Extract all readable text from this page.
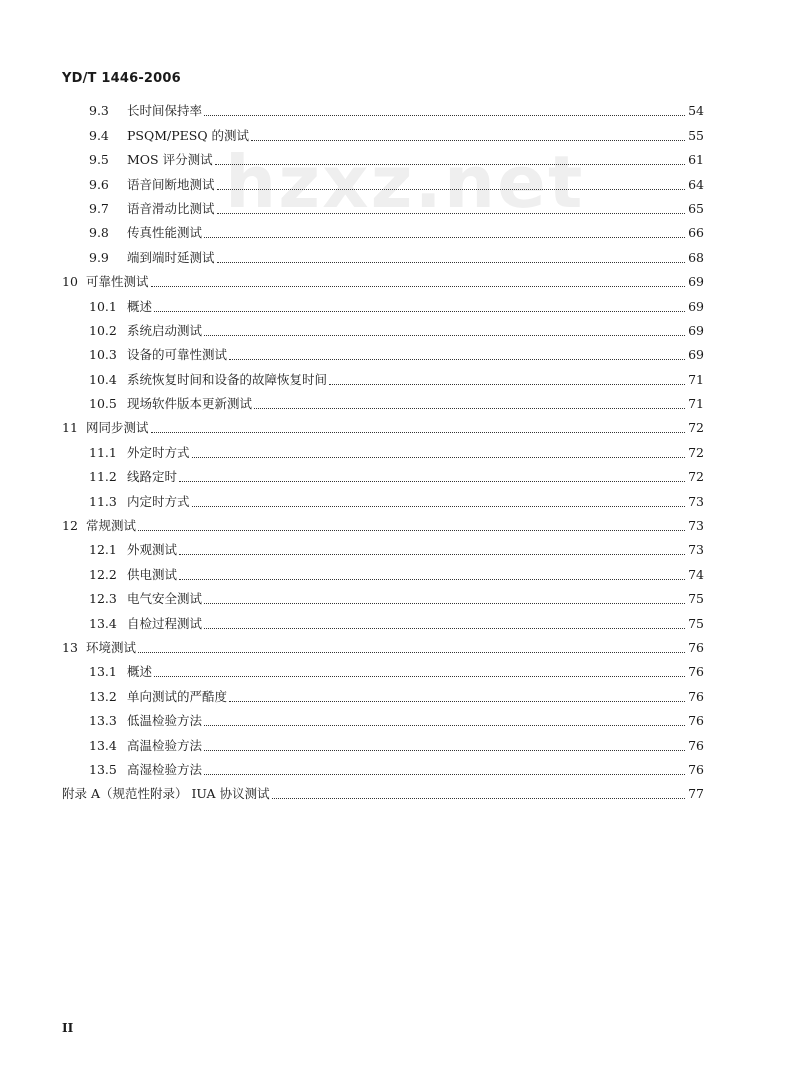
YD/T 1446-2006
hzxz.net
9.3	长时间保持率	54
9.4	PSQM/PESQ 的测试	55
9.5	MOS 评分测试	61
9.6	语音间断地测试	64
9.7	语音滑动比测试	65
9.8	传真性能测试	66
9.9	端到端时延测试	68
10 可靠性测试	69
10.1 概述	69
10.2 系统启动测试	69
10.3 设备的可靠性测试	69
10.4 系统恢复时间和设备的故障恢复时间	71
10.5 现场软件版本更新测试	71
11 网同步测试	72
11.1 外定时方式	72
11.2 线路定时	72
11.3 内定时方式	73
12 常规测试	73
12.1 外观测试	73
12.2 供电测试	74
12.3 电气安全测试	75
13.4 自检过程测试	75
13 环境测试	76
13.1 概述	76
13.2 单向测试的严酷度	76
13.3 低温检验方法	76
13.4 高温检验方法	76
13.5 高湿检验方法	76
附录 A（规范性附录） IUA 协议测试	77
II
